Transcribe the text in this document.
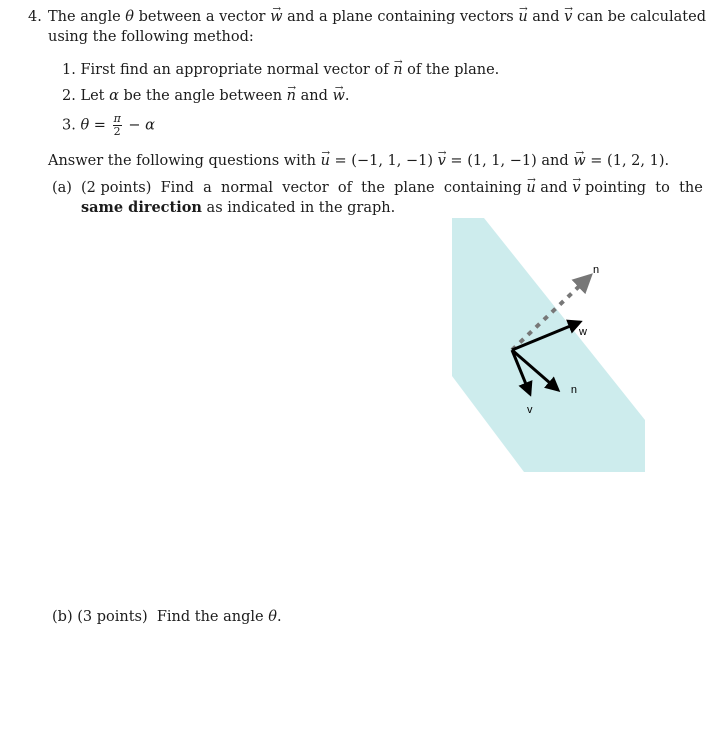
4. The angle θ between a vector → w and a plane containing vectors → u and → v can be calculated
using the following method:
1. First find an appropriate normal vector of → n of the plane.
2. Let α be the angle between → n and → w.
3. $\theta = \frac{\pi}{2} - \alpha$
Answer the following questions with → u = (−1, 1, −1) → v = (1, 1, −1) and → w = (1, 2, 1).
(a) (2 points)  Find  a  normal  vector  of  the  plane  containing → u and → v pointing  to  the
same direction as indicated in the graph.
n
w
u
v
(b) (3 points)  Find the angle θ.
